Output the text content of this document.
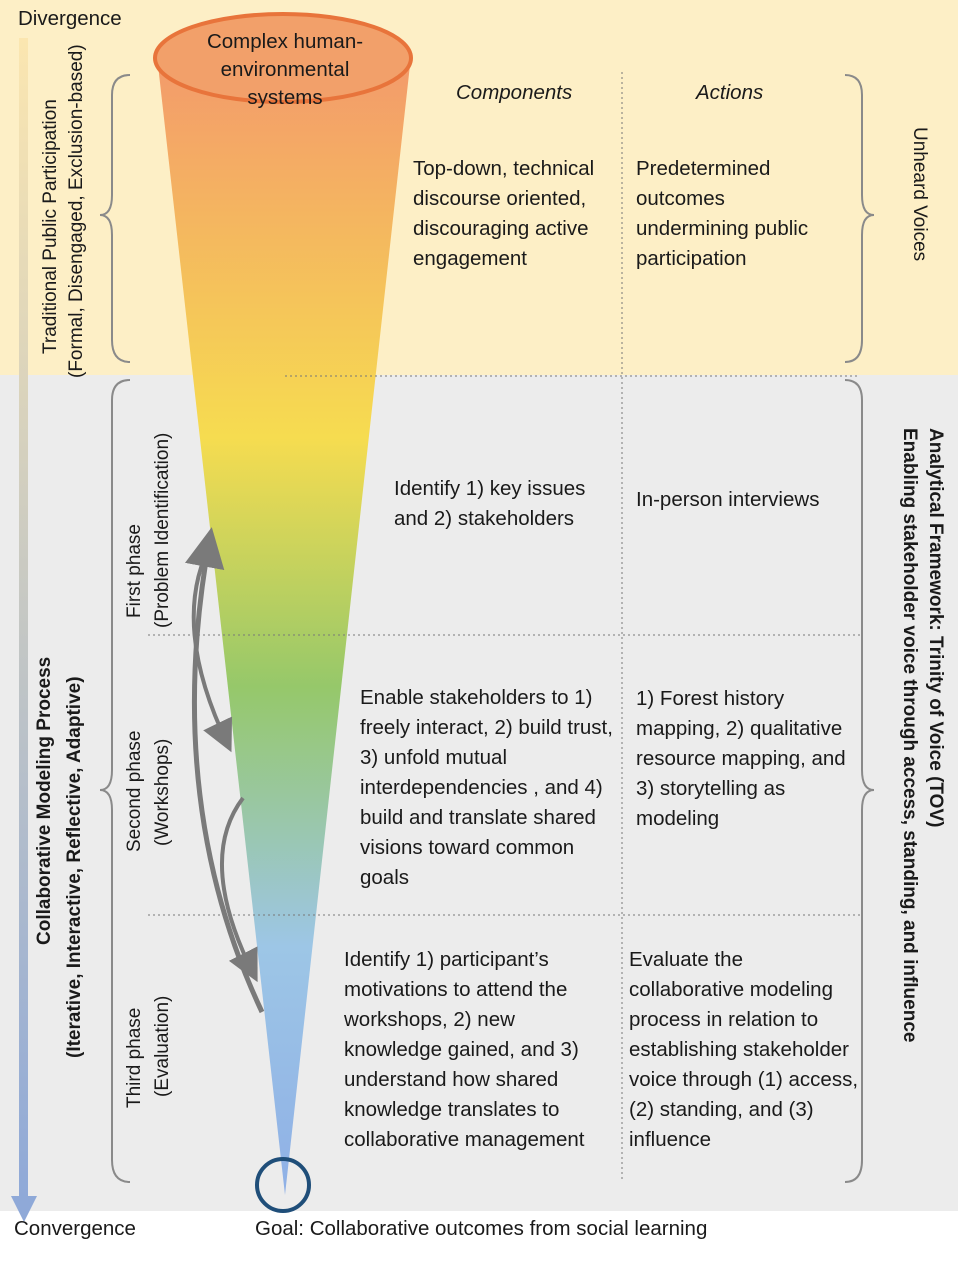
Divergence
Convergence
Complex human-environmental systems	Components	Actions
Top-down, technical discourse oriented, discouraging active engagement
Predetermined outcomes undermining public participation
Identify 1) key issues and 2) stakeholders
In-person interviews
Enable stakeholders to 1) freely interact, 2) build trust, 3) unfold mutual interdependencies , and 4) build and translate shared visions toward common goals
1) Forest history mapping, 2) qualitative resource mapping, and 3) storytelling as modeling
Identify 1) participant’s motivations to attend the workshops, 2) new knowledge gained, and 3) understand how shared knowledge translates to collaborative management
Evaluate the collaborative modeling process in relation to establishing stakeholder voice through (1) access, (2) standing, and (3) influence
Goal: Collaborative outcomes from social learning
Traditional Public Participation (Formal, Disengaged, Exclusion-based)
Collaborative Modeling Process (Iterative, Interactive, Reflective, Adaptive)
First phase (Problem Identification)
Second phase (Workshops)
Third phase (Evaluation)
Unheard Voices
Analytical Framework: Trinity of Voice (TOV)
Enabling stakeholder voice through access, standing, and influence
